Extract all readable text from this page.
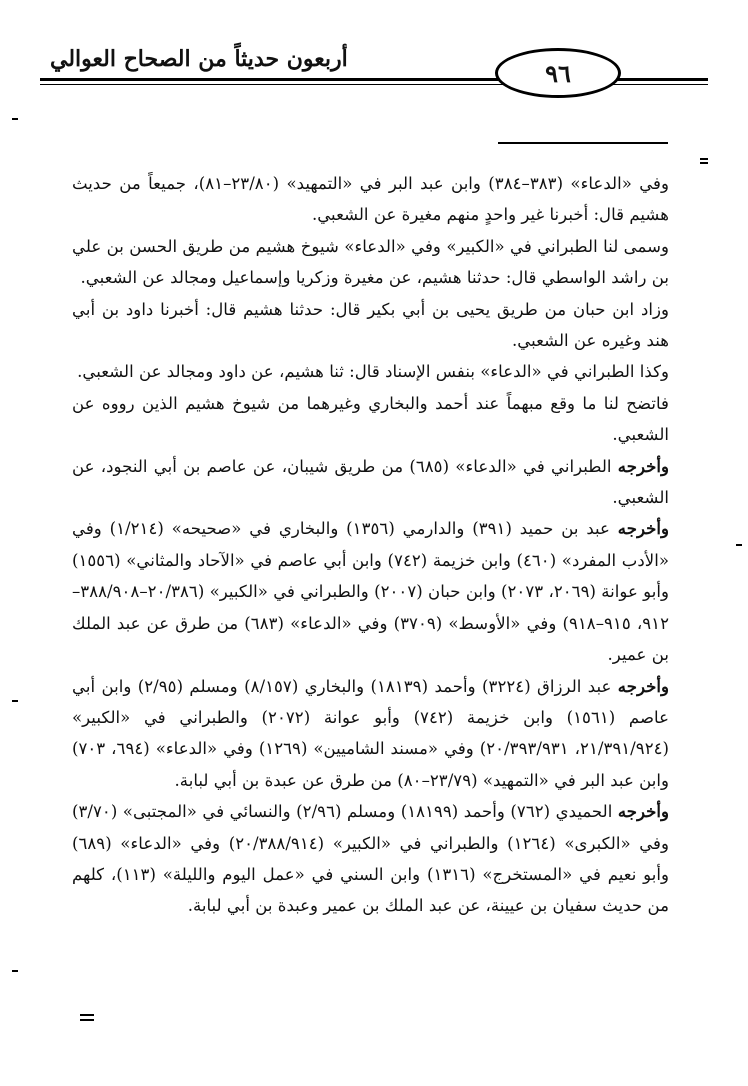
٩٦
أربعون حديثاً من الصحاح العوالي

وفي «الدعاء» (٣٨٣–٣٨٤) وابن عبد البر في «التمهيد» (٢٣/٨٠–٨١)، جميعاً من حديث هشيم قال: أخبرنا غير واحدٍ منهم مغيرة عن الشعبي.

وسمى لنا الطبراني في «الكبير» وفي «الدعاء» شيوخ هشيم من طريق الحسن بن علي بن راشد الواسطي قال: حدثنا هشيم، عن مغيرة وزكريا وإسماعيل ومجالد عن الشعبي.

وزاد ابن حبان من طريق يحيى بن أبي بكير قال: حدثنا هشيم قال: أخبرنا داود بن أبي هند وغيره عن الشعبي.

وكذا الطبراني في «الدعاء» بنفس الإسناد قال: ثنا هشيم، عن داود ومجالد عن الشعبي.

فاتضح لنا ما وقع مبهماً عند أحمد والبخاري وغيرهما من شيوخ هشيم الذين رووه عن الشعبي.

وأخرجه الطبراني في «الدعاء» (٦٨٥) من طريق شيبان، عن عاصم بن أبي النجود، عن الشعبي.

وأخرجه عبد بن حميد (٣٩١) والدارمي (١٣٥٦) والبخاري في «صحيحه» (١/٢١٤) وفي «الأدب المفرد» (٤٦٠) وابن خزيمة (٧٤٢) وابن أبي عاصم في «الآحاد والمثاني» (١٥٥٦) وأبو عوانة (٢٠٦٩، ٢٠٧٣) وابن حبان (٢٠٠٧) والطبراني في «الكبير» (٢٠/٣٨٦–٣٨٨/٩٠٨–٩١٢، ٩١٥–٩١٨) وفي «الأوسط» (٣٧٠٩) وفي «الدعاء» (٦٨٣) من طرق عن عبد الملك بن عمير.

وأخرجه عبد الرزاق (٣٢٢٤) وأحمد (١٨١٣٩) والبخاري (٨/١٥٧) ومسلم (٢/٩٥) وابن أبي عاصم (١٥٦١) وابن خزيمة (٧٤٢) وأبو عوانة (٢٠٧٢) والطبراني في «الكبير» (٢١/٣٩١/٩٢٤، ٢٠/٣٩٣/٩٣١) وفي «مسند الشاميين» (١٢٦٩) وفي «الدعاء» (٦٩٤، ٧٠٣) وابن عبد البر في «التمهيد» (٢٣/٧٩–٨٠) من طرق عن عبدة بن أبي لبابة.

وأخرجه الحميدي (٧٦٢) وأحمد (١٨١٩٩) ومسلم (٢/٩٦) والنسائي في «المجتبى» (٣/٧٠) وفي «الكبرى» (١٢٦٤) والطبراني في «الكبير» (٢٠/٣٨٨/٩١٤) وفي «الدعاء» (٦٨٩) وأبو نعيم في «المستخرج» (١٣١٦) وابن السني في «عمل اليوم والليلة» (١١٣)، كلهم من حديث سفيان بن عيينة، عن عبد الملك بن عمير وعبدة بن أبي لبابة.
